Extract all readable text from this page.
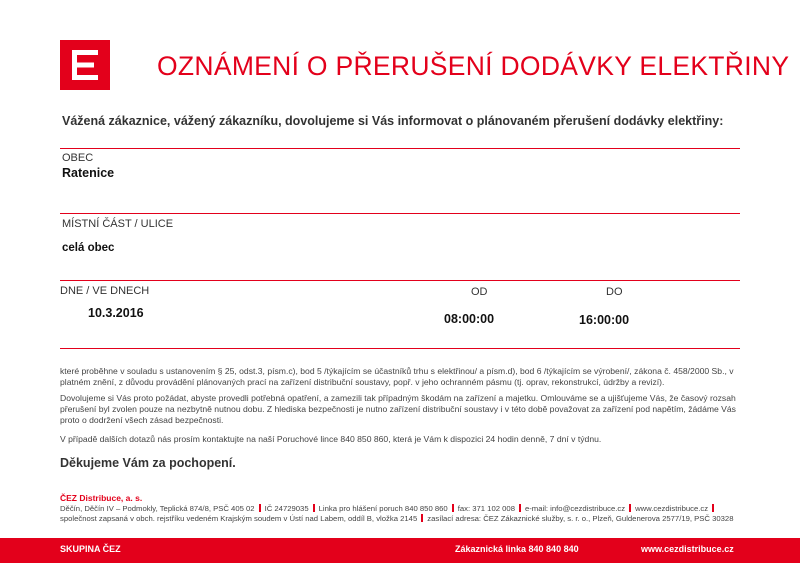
OZNÁMENÍ O PŘERUŠENÍ DODÁVKY ELEKTŘINY
Vážená zákaznice, vážený zákazníku, dovolujeme si Vás informovat o plánovaném přerušení dodávky elektřiny:
OBEC
Ratenice
MÍSTNÍ ČÁST / ULICE
celá obec
DNE / VE DNECH
10.3.2016
OD
08:00:00
DO
16:00:00
které proběhne v souladu s ustanovením § 25, odst.3, písm.c), bod 5 /týkajícím se účastníků trhu s elektřinou/ a písm.d), bod 6 /týkajícím se výrobení/, zákona č. 458/2000 Sb., v platném znění, z důvodu provádění plánovaných prací na zařízení distribuční soustavy, popř. v jeho ochranném pásmu (tj. oprav, rekonstrukcí, údržby a revizí).
Dovolujeme si Vás proto požádat, abyste provedli potřebná opatření, a zamezili tak případným škodám na zařízení a majetku. Omlouváme se a ujišťujeme Vás, že časový rozsah přerušení byl zvolen pouze na nezbytně nutnou dobu. Z hlediska bezpečnosti je nutno zařízení distribuční soustavy i v této době považovat za zařízení pod napětím, žádáme Vás proto o dodržení všech zásad bezpečnosti.
V případě dalších dotazů nás prosím kontaktujte na naší Poruchové lince 840 850 860, která je Vám k dispozici 24 hodin denně, 7 dní v týdnu.
Děkujeme Vám za pochopení.
ČEZ Distribuce, a. s.
Děčín, Děčín IV – Podmokly, Teplická 874/8, PSČ 405 02 IČ 24729035 Linka pro hlášení poruch 840 850 860 fax: 371 102 008 e-mail: info@cezdistribuce.cz www.cezdistribuce.cz
společnost zapsaná v obch. rejstříku vedeném Krajským soudem v Ústí nad Labem, oddíl B, vložka 2145 zasílací adresa: ČEZ Zákaznické služby, s. r. o., Plzeň, Guldenerova 2577/19, PSČ 30328
SKUPINA ČEZ	Zákaznická linka 840 840 840	www.cezdistribuce.cz
